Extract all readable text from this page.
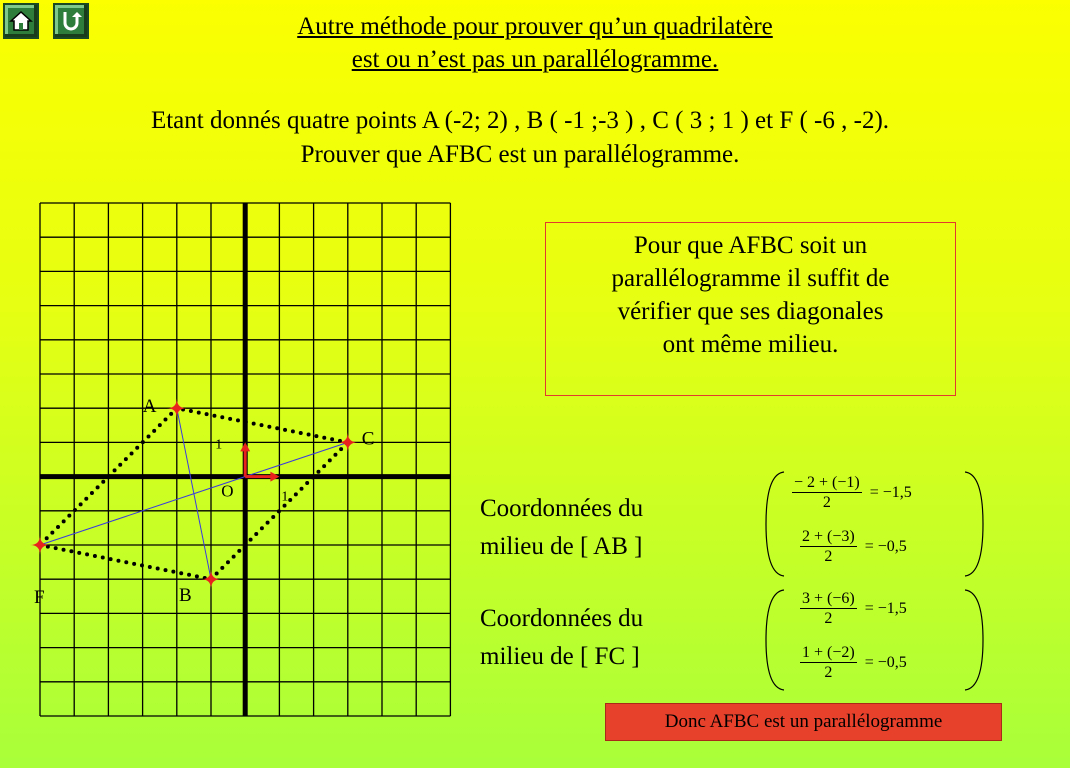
Autre méthode pour prouver qu’un quadrilatère
est ou n’est pas un parallélogramme.
Etant donnés quatre points A (-2; 2) , B ( -1 ;-3 ) , C ( 3 ; 1 ) et F ( -6 , -2).
Prouver que AFBC est un parallélogramme.
A
B
C
F
O	1
1
Pour que AFBC soit un
parallélogramme il suffit de
vérifier que ses diagonales
ont même milieu.
Coordonnées du
milieu de [ AB ]
$\frac{- 2 + (-1)}{2} = -1,5$
$\frac{2 + (-3)}{2} = -0,5$
Coordonnées du
milieu de [ FC ]
$\frac{3 + (-6)}{2} = -1,5$
$\frac{1 + (-2)}{2} = -0,5$
Donc AFBC est un parallélogramme
